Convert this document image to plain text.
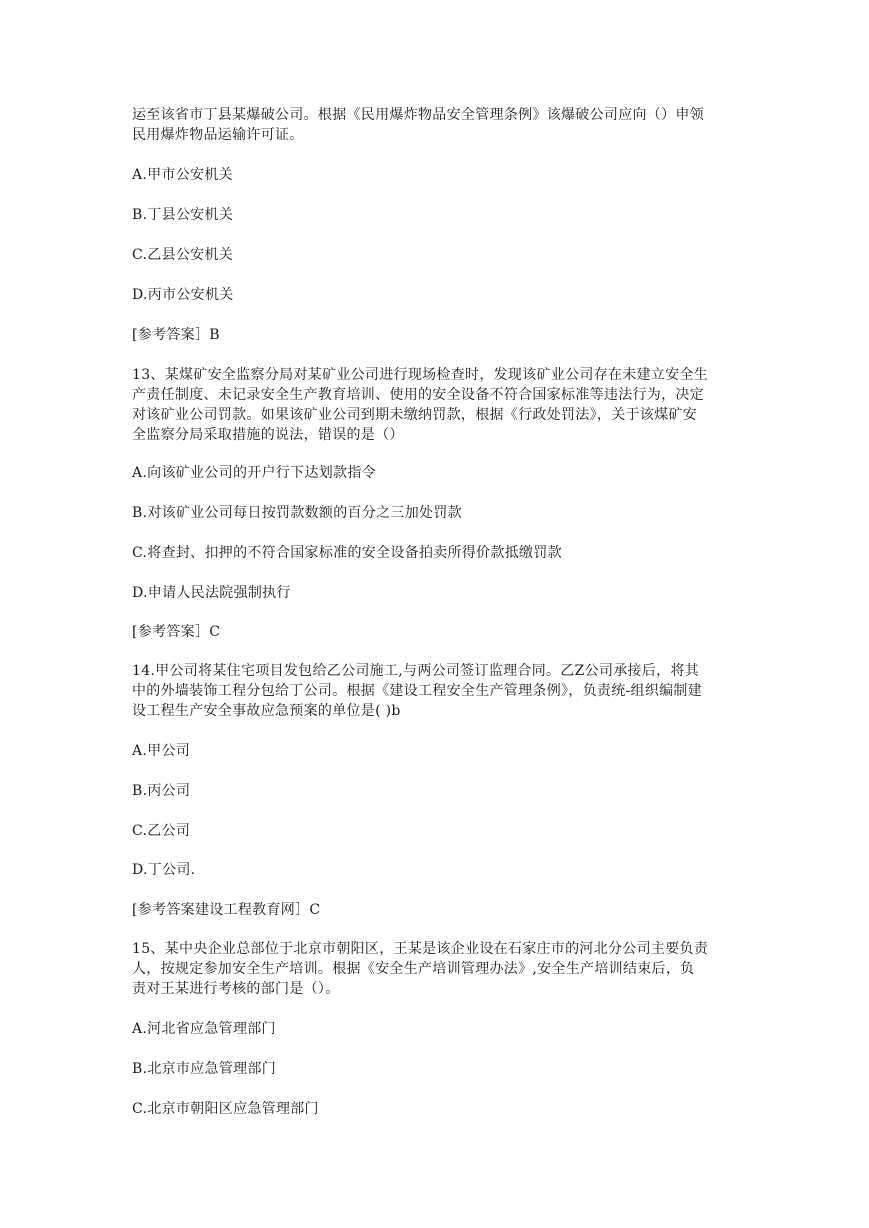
运至该省市丁县某爆破公司。根据《民用爆炸物品安全管理条例》该爆破公司应向（）申领
民用爆炸物品运输许可证。
A.甲市公安机关
B.丁县公安机关
C.乙县公安机关
D.丙市公安机关
[参考答案］B
13、某煤矿安全监察分局对某矿业公司进行现场检查时，发现该矿业公司存在未建立安全生
产责任制度、未记录安全生产教育培训、使用的安全设备不符合国家标准等违法行为，决定
对该矿业公司罚款。如果该矿业公司到期未缴纳罚款，根据《行政处罚法》，关于该煤矿安
全监察分局采取措施的说法，错误的是（）
A.向该矿业公司的开户行下达划款指令
B.对该矿业公司每日按罚款数额的百分之三加处罚款
C.将查封、扣押的不符合国家标准的安全设备拍卖所得价款抵缴罚款
D.申请人民法院强制执行
[参考答案］C
14.甲公司将某住宅项目发包给乙公司施工,与两公司签订监理合同。乙Z公司承接后，将其
中的外墙装饰工程分包给丁公司。根据《建设工程安全生产管理条例》，负责统-组织编制建
设工程生产安全事故应急预案的单位是( )b
A.甲公司
B.丙公司
C.乙公司
D.丁公司.
[参考答案建设工程教育网］C
15、某中央企业总部位于北京市朝阳区，王某是该企业设在石家庄市的河北分公司主要负责
人，按规定参加安全生产培训。根据《安全生产培训管理办法》,安全生产培训结束后，负
责对王某进行考核的部门是（）。
A.河北省应急管理部门
B.北京市应急管理部门
C.北京市朝阳区应急管理部门
